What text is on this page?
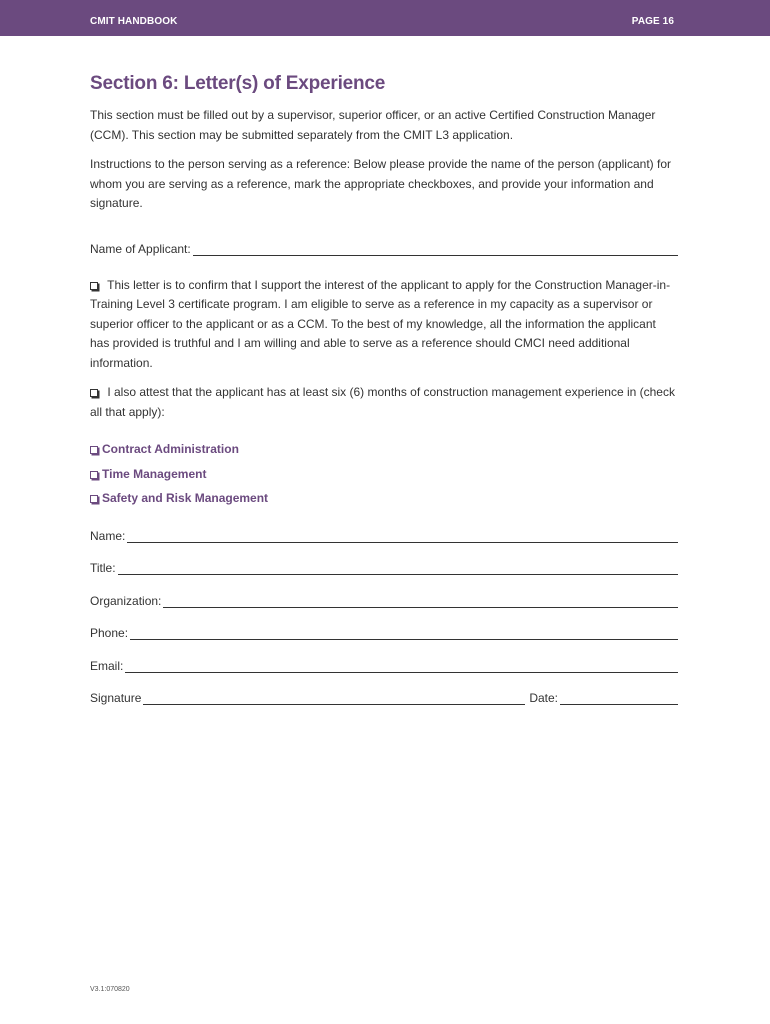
CMIT HANDBOOK	PAGE 16
Section 6: Letter(s) of Experience

This section must be filled out by a supervisor, superior officer, or an active Certified Construction Manager (CCM). This section may be submitted separately from the CMIT L3 application.

Instructions to the person serving as a reference: Below please provide the name of the person (applicant) for whom you are serving as a reference, mark the appropriate checkboxes, and provide your information and signature.

Name of Applicant:

This letter is to confirm that I support the interest of the applicant to apply for the Construction Manager-in-Training Level 3 certificate program. I am eligible to serve as a reference in my capacity as a supervisor or superior officer to the applicant or as a CCM. To the best of my knowledge, all the information the applicant has provided is truthful and I am willing and able to serve as a reference should CMCI need additional information.

I also attest that the applicant has at least six (6) months of construction management experience in (check all that apply):

Contract Administration
Time Management
Safety and Risk Management
Name:
Title:
Organization:
Phone:
Email:
Signature	Date:
V3.1:070820
